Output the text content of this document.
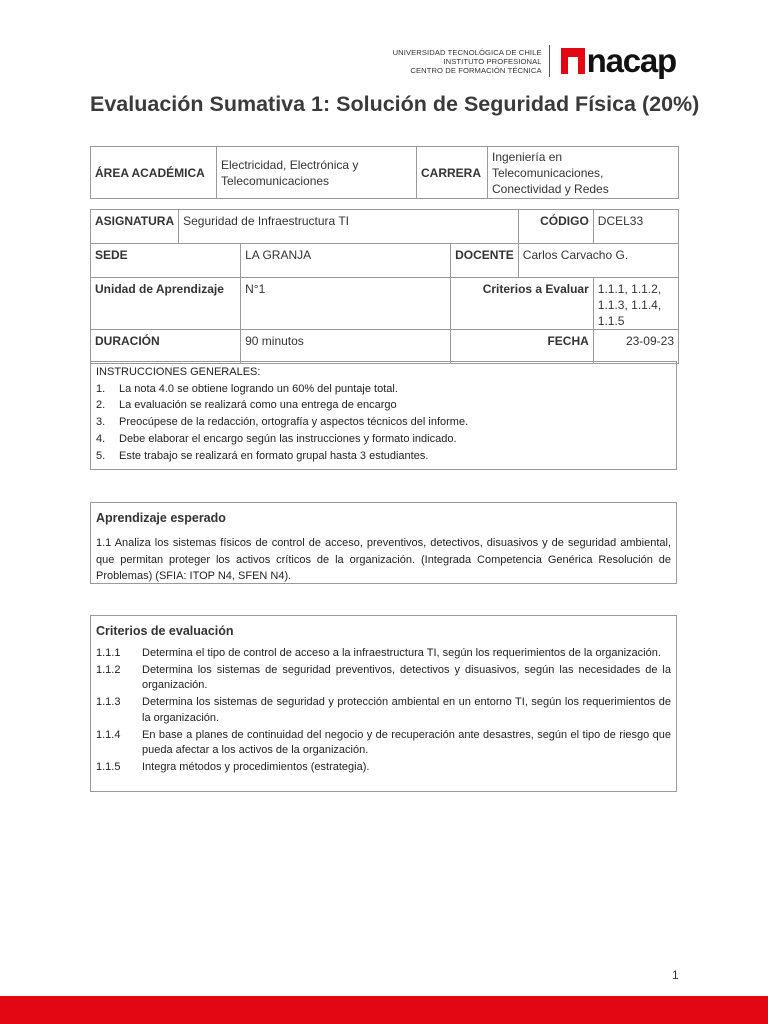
UNIVERSIDAD TECNOLÓGICA DE CHILE
INSTITUTO PROFESIONAL
CENTRO DE FORMACIÓN TÉCNICA nacap
Evaluación Sumativa 1: Solución de Seguridad Física (20%)
ÁREA ACADÉMICA	Electricidad, Electrónica y Telecomunicaciones	CARRERA	Ingeniería en Telecomunicaciones, Conectividad y Redes
ASIGNATURA	Seguridad de Infraestructura TI			CÓDIGO	DCEL33
SEDE		LA GRANJA	DOCENTE	Carlos Carvacho G.	
Unidad de Aprendizaje		N°1	Criterios a Evaluar		1.1.1, 1.1.2, 1.1.3, 1.1.4, 1.1.5
DURACIÓN		90 minutos	FECHA		23-09-23
INSTRUCCIONES GENERALES:
1.	La nota 4.0 se obtiene logrando un 60% del puntaje total.
2.	La evaluación se realizará como una entrega de encargo
3.	Preocúpese de la redacción, ortografía y aspectos técnicos del informe.
4.	Debe elaborar el encargo según las instrucciones y formato indicado.
5.	Este trabajo se realizará en formato grupal hasta 3 estudiantes.
Aprendizaje esperado
1.1 Analiza los sistemas físicos de control de acceso, preventivos, detectivos, disuasivos y de seguridad ambiental, que permitan proteger los activos críticos de la organización. (Integrada Competencia Genérica Resolución de Problemas) (SFIA: ITOP N4, SFEN N4).
Criterios de evaluación
1.1.1	Determina el tipo de control de acceso a la infraestructura TI, según los requerimientos de la organización.
1.1.2	Determina los sistemas de seguridad preventivos, detectivos y disuasivos, según las necesidades de la organización.
1.1.3	Determina los sistemas de seguridad y protección ambiental en un entorno TI, según los requerimientos de la organización.
1.1.4	En base a planes de continuidad del negocio y de recuperación ante desastres, según el tipo de riesgo que pueda afectar a los activos de la organización.
1.1.5	Integra métodos y procedimientos (estrategia).
1
